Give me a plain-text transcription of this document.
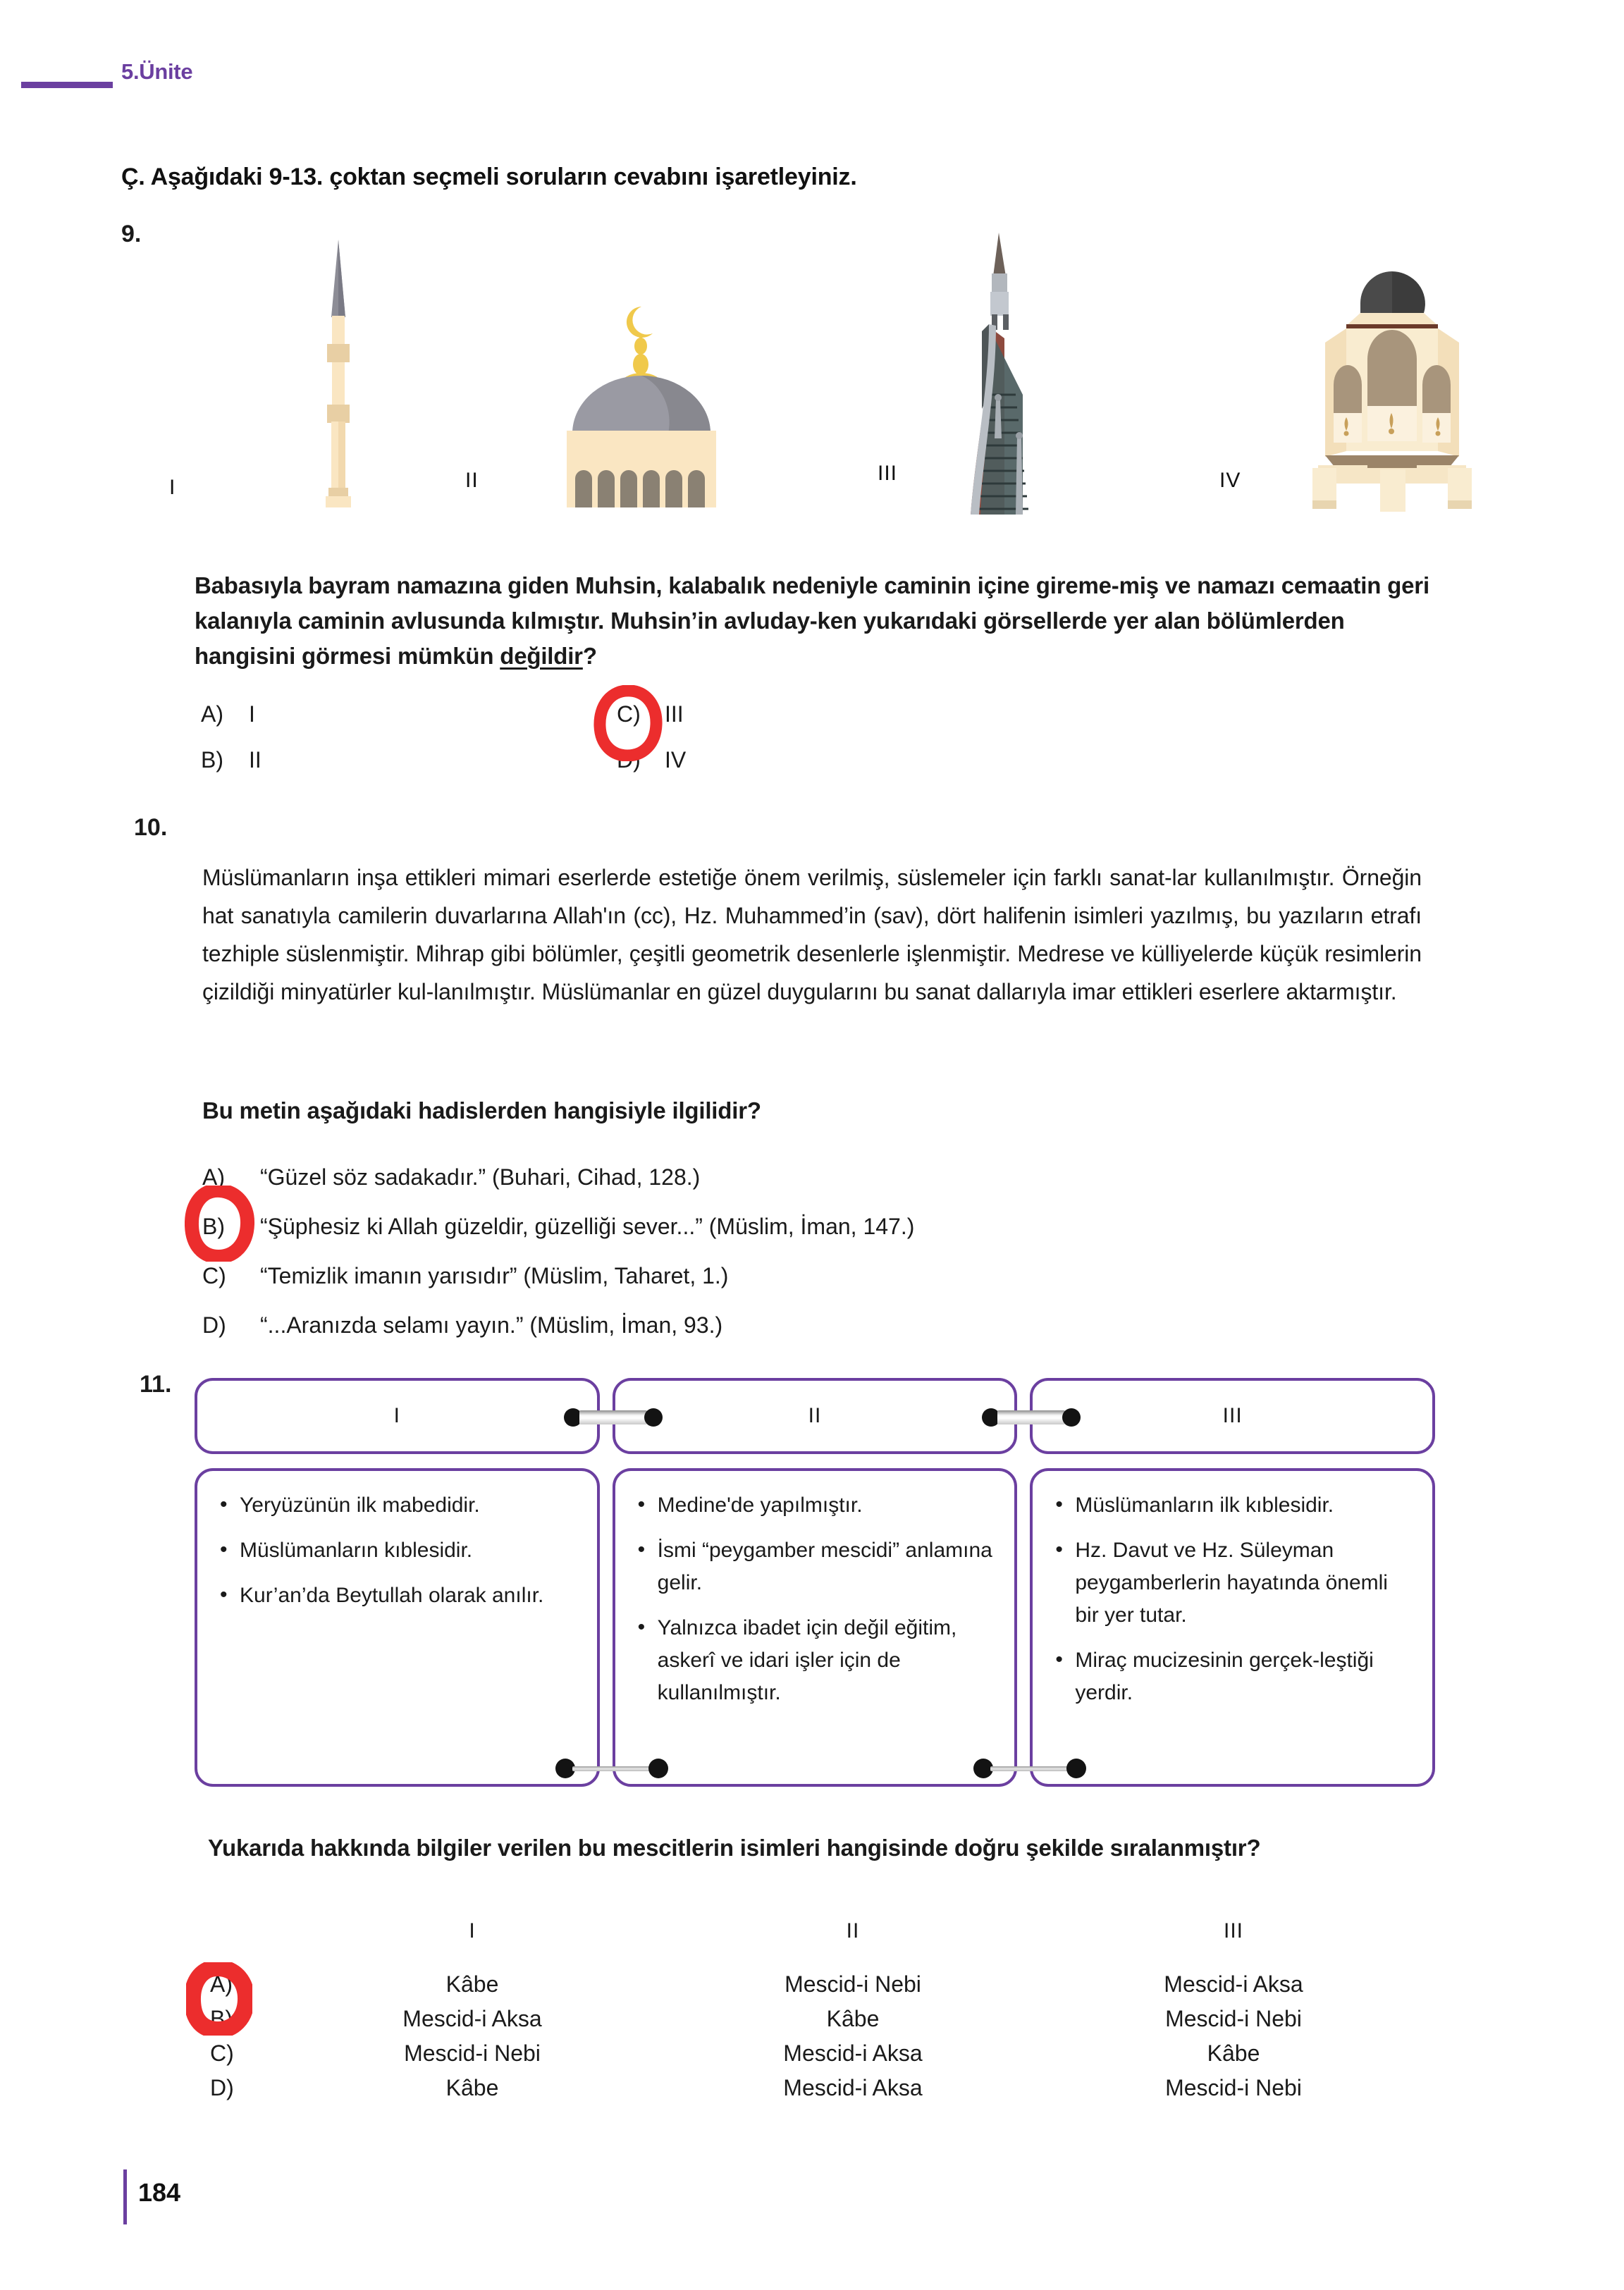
5.Ünite
Ç. Aşağıdaki 9-13. çoktan seçmeli soruların cevabını işaretleyiniz.
9.
I	II	III	IV
Babasıyla bayram namazına giden Muhsin, kalabalık nedeniyle caminin içine gireme-miş ve namazı cemaatin geri kalanıyla caminin avlusunda kılmıştır. Muhsin’in avluday-ken yukarıdaki görsellerde yer alan bölümlerden hangisini görmesi mümkün değildir?
A) I
B) II
C) III
D) IV
10.
Müslümanların inşa ettikleri mimari eserlerde estetiğe önem verilmiş, süslemeler için farklı sanat-lar kullanılmıştır. Örneğin hat sanatıyla camilerin duvarlarına Allah'ın (cc), Hz. Muhammed’in (sav), dört halifenin isimleri yazılmış, bu yazıların etrafı tezhiple süslenmiştir. Mihrap gibi bölümler, çeşitli geometrik desenlerle işlenmiştir. Medrese ve külliyelerde küçük resimlerin çizildiği minyatürler kul-lanılmıştır. Müslümanlar en güzel duygularını bu sanat dallarıyla imar ettikleri eserlere aktarmıştır.
Bu metin aşağıdaki hadislerden hangisiyle ilgilidir?
A)	“Güzel söz sadakadır.” (Buhari, Cihad, 128.)
B)	“Şüphesiz ki Allah güzeldir, güzelliği sever...” (Müslim, İman, 147.)
C)	“Temizlik imanın yarısıdır” (Müslim, Taharet, 1.)
D)	“...Aranızda selamı yayın.” (Müslim, İman, 93.)
11.
I	II	III
• Yeryüzünün ilk mabedidir.
• Müslümanların kıblesidir.
• Kur’an’da Beytullah olarak anılır.
• Medine'de yapılmıştır.
• İsmi “peygamber mescidi” anlamına gelir.
• Yalnızca ibadet için değil eğitim, askerî ve idari işler için de kullanılmıştır.
• Müslümanların ilk kıblesidir.
• Hz. Davut ve Hz. Süleyman peygamberlerin hayatında önemli bir yer tutar.
• Miraç mucizesinin gerçek-leştiği yerdir.
Yukarıda hakkında bilgiler verilen bu mescitlerin isimleri hangisinde doğru şekilde sıralanmıştır?
	I	II	III
A)	Kâbe	Mescid-i Nebi	Mescid-i Aksa
B)	Mescid-i Aksa	Kâbe	Mescid-i Nebi
C)	Mescid-i Nebi	Mescid-i Aksa	Kâbe
D)	Kâbe	Mescid-i Aksa	Mescid-i Nebi
184
